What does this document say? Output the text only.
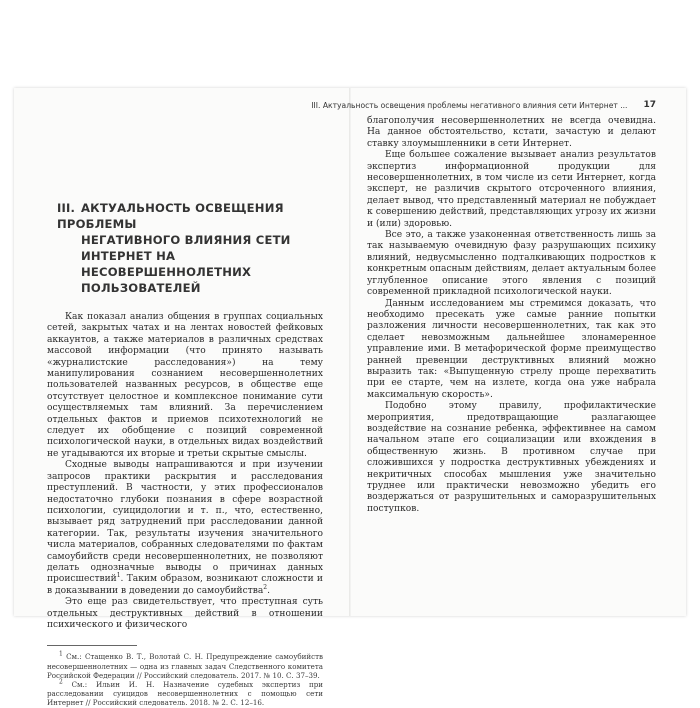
III. АКТУАЛЬНОСТЬ ОСВЕЩЕНИЯ ПРОБЛЕМЫ
НЕГАТИВНОГО ВЛИЯНИЯ СЕТИ
ИНТЕРНЕТ НА НЕСОВЕРШЕННОЛЕТНИХ
ПОЛЬЗОВАТЕЛЕЙ

Как показал анализ общения в группах социальных сетей, закрытых чатах и на лентах новостей фейковых аккаунтов, а также материалов в различных средствах массовой информации (что принято называть «журналистские расследования») на тему манипулирования сознанием несовершеннолетних пользователей названных ресурсов, в обществе еще отсутствует целостное и комплексное понимание сути осуществляемых там влияний. За перечислением отдельных фактов и приемов психотехнологий не следует их обобщение с позиций современной психологической науки, в отдельных видах воздействий не угадываются их вторые и третьи скрытые смыслы.

Сходные выводы напрашиваются и при изучении запросов практики раскрытия и расследования преступлений. В частности, у этих профессионалов недостаточно глубоки познания в сфере возрастной психологии, суицидологии и т. п., что, естественно, вызывает ряд затруднений при расследовании данной категории. Так, результаты изучения значительного числа материалов, собранных следователями по фактам самоубийств среди несовершеннолетних, не позволяют делать однозначные выводы о причинах данных происшествий$^1$. Таким образом, возникают сложности и в доказывании в доведении до самоубийства$^2$.

Это еще раз свидетельствует, что преступная суть отдельных деструктивных действий в отношении психического и физического

$^1$ См.: Стащенко В. Т., Волотай С. Н. Предупреждение самоубийств несовершеннолетних — одна из главных задач Следственного комитета Российской Федерации // Российский следователь. 2017. № 10. С. 37–39.

$^2$ См.: Ильин И. Н. Назначение судебных экспертиз при расследовании суицидов несовершеннолетних с помощью сети Интернет // Российский следователь. 2018. № 2. С. 12–16.

III. Актуальность освещения проблемы негативного влияния сети Интернет ... 17

благополучия несовершеннолетних не всегда очевидна. На данное обстоятельство, кстати, зачастую и делают ставку злоумышленники в сети Интернет.

Еще большее сожаление вызывает анализ результатов экспертиз информационной продукции для несовершеннолетних, в том числе из сети Интернет, когда эксперт, не различив скрытого отсроченного влияния, делает вывод, что представленный материал не побуждает к совершению действий, представляющих угрозу их жизни и (или) здоровью.

Все это, а также узаконенная ответственность лишь за так называемую очевидную фазу разрушающих психику влияний, недвусмысленно подталкивающих подростков к конкретным опасным действиям, делает актуальным более углубленное описание этого явления с позиций современной прикладной психологической науки.

Данным исследованием мы стремимся доказать, что необходимо пресекать уже самые ранние попытки разложения личности несовершеннолетних, так как это сделает невозможным дальнейшее злонамеренное управление ими. В метафорической форме преимущество ранней превенции деструктивных влияний можно выразить так: «Выпущенную стрелу проще перехватить при ее старте, чем на излете, когда она уже набрала максимальную скорость».

Подобно этому правилу, профилактические мероприятия, предотвращающие разлагающее воздействие на сознание ребенка, эффективнее на самом начальном этапе его социализации или вхождения в общественную жизнь. В противном случае при сложившихся у подростка деструктивных убеждениях и некритичных способах мышления уже значительно труднее или практически невозможно убедить его воздержаться от разрушительных и саморазрушительных поступков.
